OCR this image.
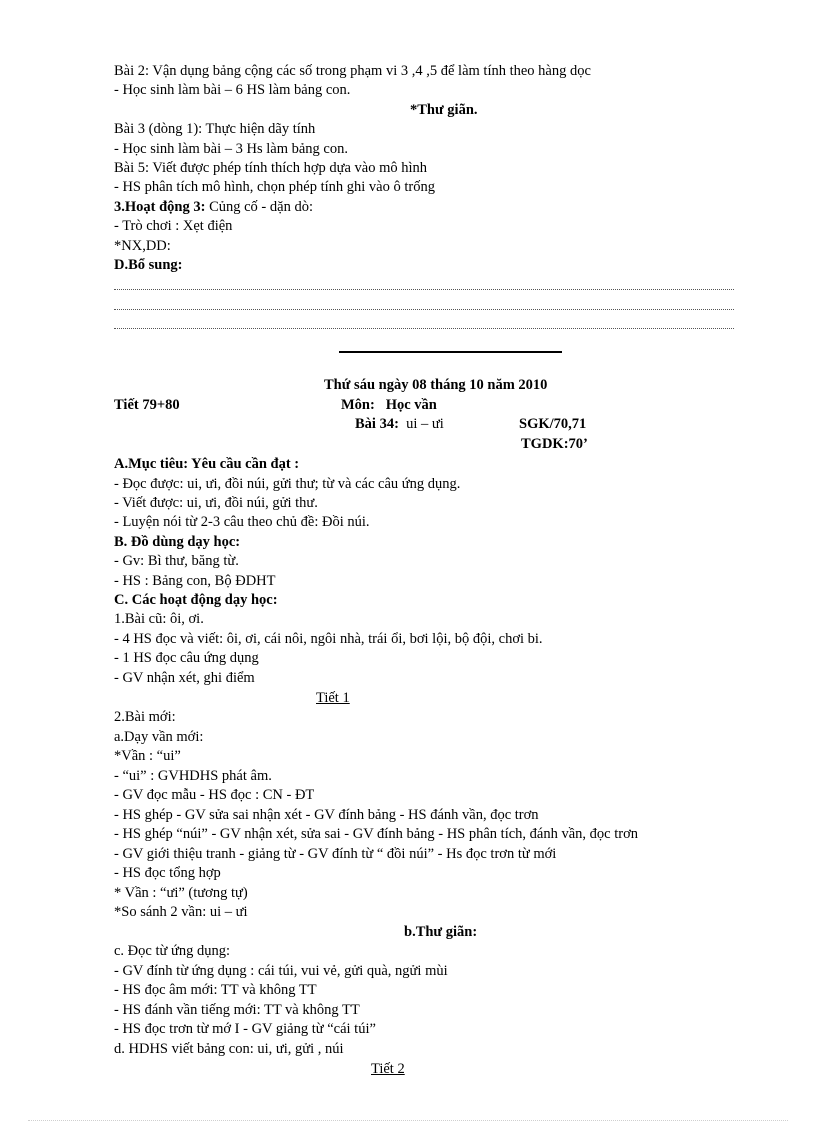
Bài 2: Vận dụng bảng cộng các số trong phạm vi 3 ,4 ,5 để làm tính theo hàng dọc
- Học sinh làm bài – 6 HS làm bảng con.
*Thư giãn.
Bài 3 (dòng 1): Thực hiện dãy tính
- Học sinh làm bài – 3 Hs làm bảng con.
Bài 5: Viết được phép tính thích hợp dựa vào mô hình
- HS phân tích mô hình, chọn phép tính ghi vào ô trống
3.Hoạt động 3: Củng cố - dặn dò:
- Trò chơi : Xẹt điện
*NX,DD:
D.Bổ sung:
Thứ sáu ngày 08 tháng 10 năm 2010
Tiết 79+80	Môn: Học vần
Bài 34: ui – ưi	SGK/70,71
TGDK:70’
A.Mục tiêu: Yêu cầu cần đạt :
- Đọc được: ui, ưi, đồi núi, gửi thư; từ và các câu ứng dụng.
- Viết được: ui, ưi, đồi núi, gửi thư.
- Luyện nói từ 2-3 câu theo chủ đề: Đồi núi.
B. Đồ dùng dạy học:
- Gv: Bì thư, băng từ.
- HS : Bảng con, Bộ ĐDHT
C. Các hoạt động dạy học:
1.Bài cũ: ôi, ơi.
- 4 HS đọc và viết: ôi, ơi, cái nôi, ngôi nhà, trái ổi, bơi lội, bộ đội, chơi bi.
- 1 HS đọc câu ứng dụng
- GV nhận xét, ghi điểm
Tiết 1
2.Bài mới:
a.Dạy vần mới:
*Vần : “ui”
- “ui” : GVHDHS phát âm.
- GV đọc mẫu - HS đọc : CN - ĐT
- HS ghép - GV sửa sai nhận xét - GV đính bảng - HS đánh vần, đọc trơn
- HS ghép “núi” - GV nhận xét, sửa sai - GV đính bảng - HS phân tích, đánh vần, đọc trơn
- GV giới thiệu tranh - giảng từ - GV đính từ “ đồi núi” - Hs đọc trơn từ mới
- HS đọc tổng hợp
* Vần : “ưi” (tương tự)
*So sánh 2 vần: ui – ưi
b.Thư giãn:
c. Đọc từ ứng dụng:
- GV đính từ ứng dụng : cái túi, vui vẻ, gửi quà, ngửi mùi
- HS đọc âm mới: TT và không TT
- HS đánh vần tiếng mới: TT và không TT
- HS đọc trơn từ mớ I - GV giảng từ “cái túi”
d. HDHS viết bảng con: ui, ưi, gửi , núi
Tiết 2
